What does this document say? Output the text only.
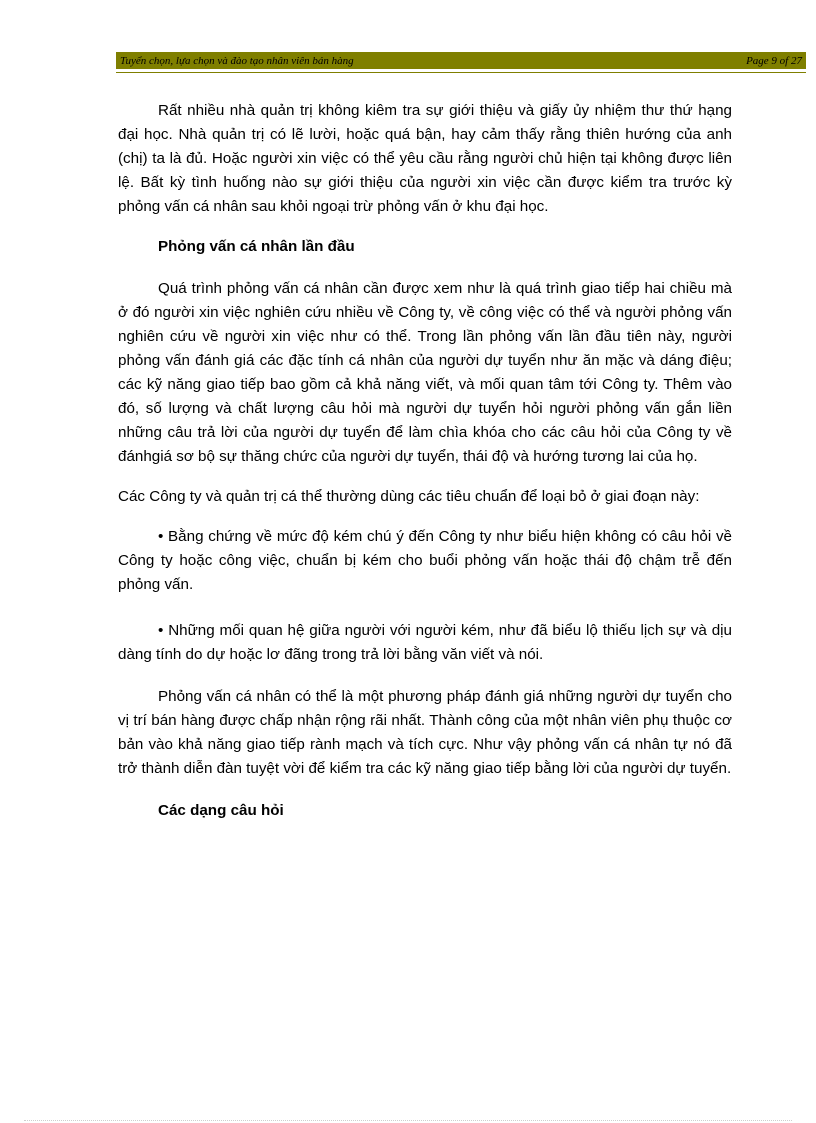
Tuyển chọn, lựa chọn và đào tạo nhân viên bán hàng	Page 9 of 27

Rất nhiều nhà quản trị không kiêm tra sự giới thiệu và giấy ủy nhiệm thư thứ hạng đại học. Nhà quản trị có lẽ lười, hoặc quá bận, hay cảm thấy rằng thiên hướng của anh (chị) ta là đủ. Hoặc người xin việc có thể yêu cầu rằng người chủ hiện tại không được liên lệ. Bất kỳ tình huống nào sự giới thiệu của người xin việc cần được kiểm tra trước kỳ phỏng vấn cá nhân sau khỏi ngoại trừ phỏng vấn ở khu đại học.

Phỏng vấn cá nhân lần đầu

Quá trình phỏng vấn cá nhân cần được xem như là quá trình giao tiếp hai chiều mà ở đó người xin việc nghiên cứu nhiều về Công ty, về công việc có thể và người phỏng vấn nghiên cứu về người xin việc như có thể. Trong lần phỏng vấn lần đầu tiên này, người phỏng vấn đánh giá các đặc tính cá nhân của người dự tuyển như ăn mặc và dáng điệu; các kỹ năng giao tiếp bao gồm cả khả năng viết, và mối quan tâm tới Công ty. Thêm vào đó, số lượng và chất lượng câu hỏi mà người dự tuyển hỏi người phỏng vấn gắn liền những câu trả lời của người dự tuyển để làm chìa khóa cho các câu hỏi của Công ty về đánhgiá sơ bộ sự thăng chức của người dự tuyển, thái độ và hướng tương lai của họ.

Các Công ty và quản trị cá thể thường dùng các tiêu chuẩn để loại bỏ ở giai đoạn này:

• Bằng chứng về mức độ kém chú ý đến Công ty như biểu hiện không có câu hỏi về Công ty hoặc công việc, chuẩn bị kém cho buổi phỏng vấn hoặc thái độ chậm trễ đến phỏng vấn.

• Những mối quan hệ giữa người với người kém, như đã biểu lộ thiếu lịch sự và dịu dàng tính do dự hoặc lơ đãng trong trả lời bằng văn viết và nói.

Phỏng vấn cá nhân có thể là một phương pháp đánh giá những người dự tuyển cho vị trí bán hàng được chấp nhận rộng rãi nhất. Thành công của một nhân viên phụ thuộc cơ bản vào khả năng giao tiếp rành mạch và tích cực. Như vậy phỏng vấn cá nhân tự nó đã trở thành diễn đàn tuyệt vời để kiểm tra các kỹ năng giao tiếp bằng lời của người dự tuyển.

Các dạng câu hỏi
